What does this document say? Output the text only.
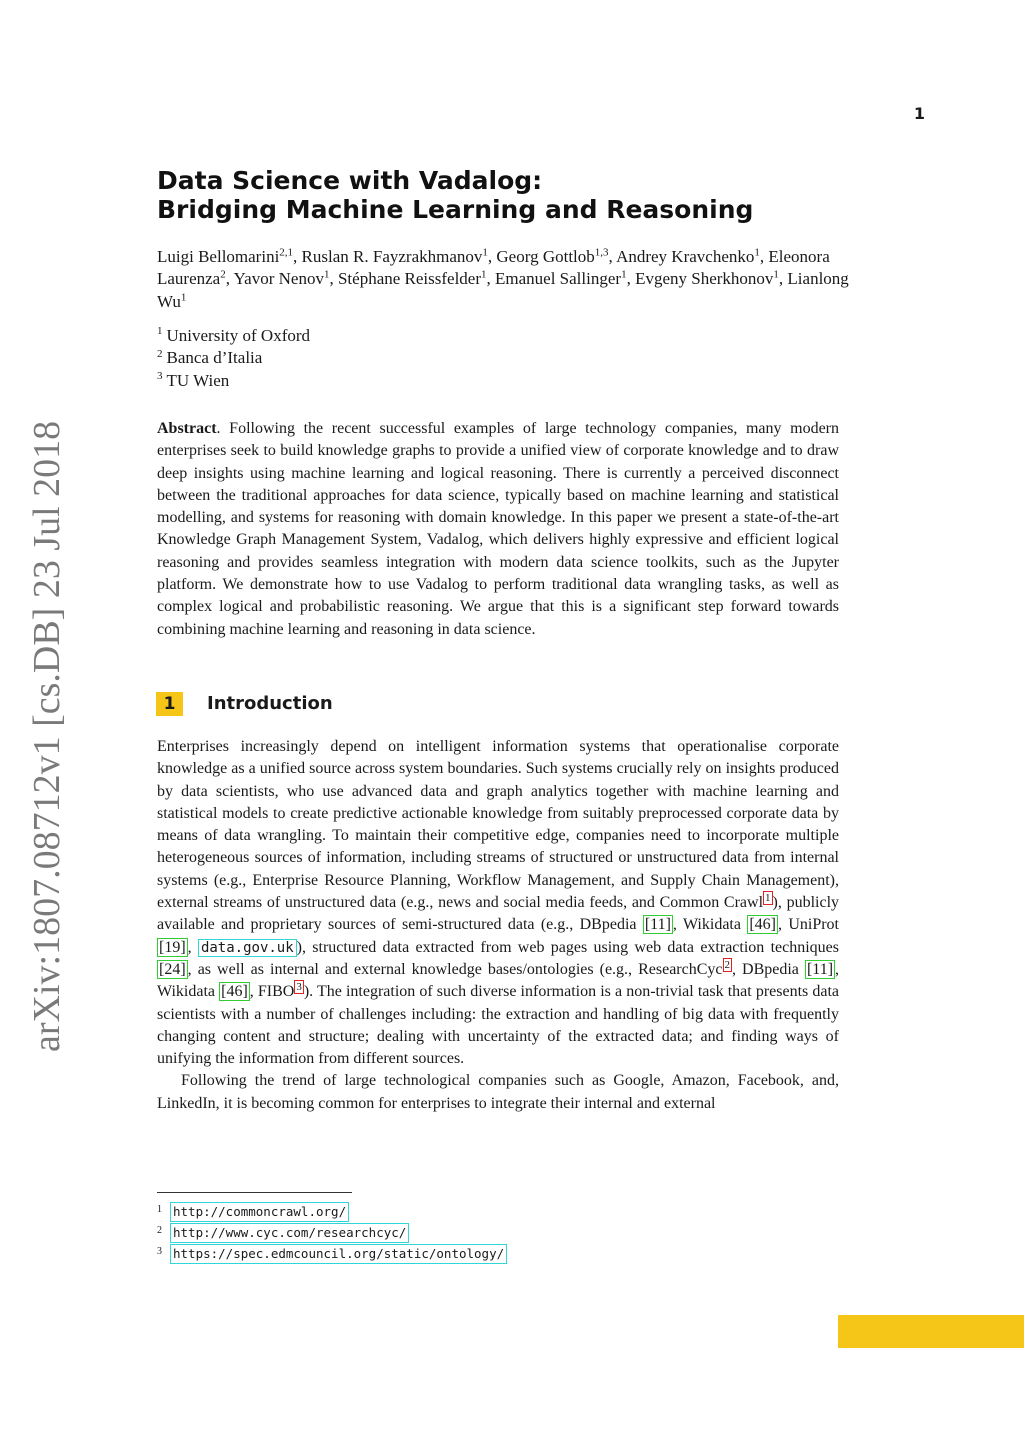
1
arXiv:1807.08712v1 [cs.DB] 23 Jul 2018
Data Science with Vadalog:
Bridging Machine Learning and Reasoning
Luigi Bellomarini$^{2,1}$, Ruslan R. Fayzrakhmanov$^1$, Georg Gottlob$^{1,3}$, Andrey Kravchenko$^1$, Eleonora Laurenza$^2$, Yavor Nenov$^1$, Stéphane Reissfelder$^1$, Emanuel Sallinger$^1$, Evgeny Sherkhonov$^1$, Lianlong Wu$^1$
$^1$ University of Oxford
$^2$ Banca d’Italia
$^3$ TU Wien
Abstract. Following the recent successful examples of large technology companies, many modern enterprises seek to build knowledge graphs to provide a unified view of corporate knowledge and to draw deep insights using machine learning and logical reasoning. There is currently a perceived disconnect between the traditional approaches for data science, typically based on machine learning and statistical modelling, and systems for reasoning with domain knowledge. In this paper we present a state-of-the-art Knowledge Graph Management System, Vadalog, which delivers highly expressive and efficient logical reasoning and provides seamless integration with modern data science toolkits, such as the Jupyter platform. We demonstrate how to use Vadalog to perform traditional data wrangling tasks, as well as complex logical and probabilistic reasoning. We argue that this is a significant step forward towards combining machine learning and reasoning in data science.
1	Introduction

Enterprises increasingly depend on intelligent information systems that operationalise corporate knowledge as a unified source across system boundaries. Such systems crucially rely on insights produced by data scientists, who use advanced data and graph analytics together with machine learning and statistical models to create predictive actionable knowledge from suitably preprocessed corporate data by means of data wrangling. To maintain their competitive edge, companies need to incorporate multiple heterogeneous sources of information, including streams of structured or unstructured data from internal systems (e.g., Enterprise Resource Planning, Workflow Management, and Supply Chain Management), external streams of unstructured data (e.g., news and social media feeds, and Common Crawl $^1$ ), publicly available and proprietary sources of semi-structured data (e.g., DBpedia [11] , Wikidata [46] , UniProt [19] , data.gov.uk ), structured data extracted from web pages using web data extraction techniques [24] , as well as internal and external knowledge bases/ontologies (e.g., ResearchCyc $^2$ , DBpedia [11] , Wikidata [46] , FIBO $^3$ ). The integration of such diverse information is a non-trivial task that presents data scientists with a number of challenges including: the extraction and handling of big data with frequently changing content and structure; dealing with uncertainty of the extracted data; and finding ways of unifying the information from different sources.

Following the trend of large technological companies such as Google, Amazon, Facebook, and, LinkedIn, it is becoming common for enterprises to integrate their internal and external

1 http://commoncrawl.org/
2 http://www.cyc.com/researchcyc/
3 https://spec.edmcouncil.org/static/ontology/
